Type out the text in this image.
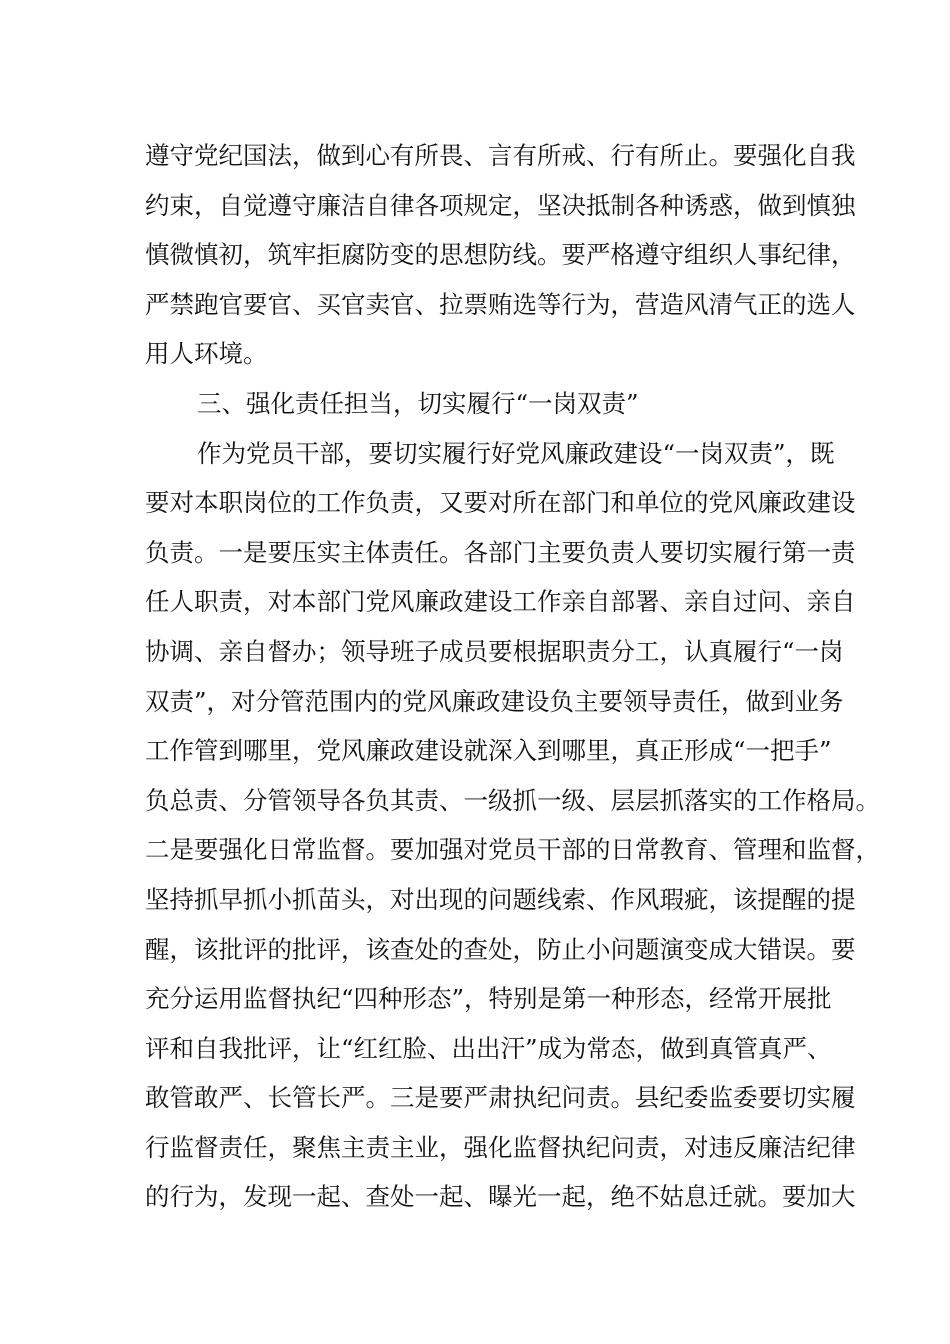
遵守党纪国法，做到心有所畏、言有所戒、行有所止。要强化自我
约束，自觉遵守廉洁自律各项规定，坚决抵制各种诱惑，做到慎独
慎微慎初，筑牢拒腐防变的思想防线。要严格遵守组织人事纪律，
严禁跑官要官、买官卖官、拉票贿选等行为，营造风清气正的选人
用人环境。
三、强化责任担当，切实履行“一岗双责”
作为党员干部，要切实履行好党风廉政建设“一岗双责”，既
要对本职岗位的工作负责，又要对所在部门和单位的党风廉政建设
负责。一是要压实主体责任。各部门主要负责人要切实履行第一责
任人职责，对本部门党风廉政建设工作亲自部署、亲自过问、亲自
协调、亲自督办；领导班子成员要根据职责分工，认真履行“一岗
双责”，对分管范围内的党风廉政建设负主要领导责任，做到业务
工作管到哪里，党风廉政建设就深入到哪里，真正形成“一把手”
负总责、分管领导各负其责、一级抓一级、层层抓落实的工作格局。
二是要强化日常监督。要加强对党员干部的日常教育、管理和监督，
坚持抓早抓小抓苗头，对出现的问题线索、作风瑕疵，该提醒的提
醒，该批评的批评，该查处的查处，防止小问题演变成大错误。要
充分运用监督执纪“四种形态”，特别是第一种形态，经常开展批
评和自我批评，让“红红脸、出出汗”成为常态，做到真管真严、
敢管敢严、长管长严。三是要严肃执纪问责。县纪委监委要切实履
行监督责任，聚焦主责主业，强化监督执纪问责，对违反廉洁纪律
的行为，发现一起、查处一起、曝光一起，绝不姑息迁就。要加大
